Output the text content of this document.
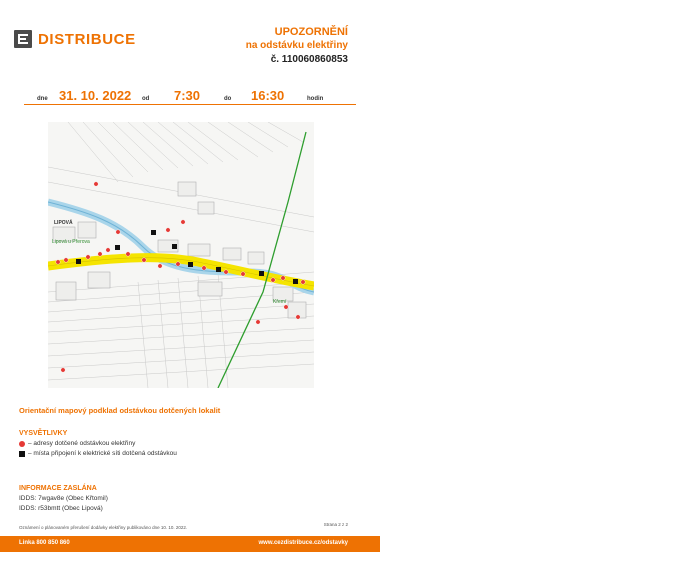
DISTRIBUCE	UPOZORNĚNÍ
na odstávku elektřiny
č. 110060860853
dne 31. 10. 2022 od 7:30	do 16:30	hodin
LIPOVÁ
Lipová u Přerova
Křemí
Orientační mapový podklad odstávkou dotčených lokalit
VYSVĚTLIVKY
– adresy dotčené odstávkou elektřiny
– místa připojení k elektrické síti dotčená odstávkou
INFORMACE ZASLÁNA
IDDS: 7wgav8e (Obec Křtomil)
IDDS: r53bmtt (Obec Lipová)
Oznámení o plánovaném přerušení dodávky elektřiny publikováno dne 10. 10. 2022.
Strana 2 z 2
Linka 800 850 860	www.cezdistribuce.cz/odstavky
